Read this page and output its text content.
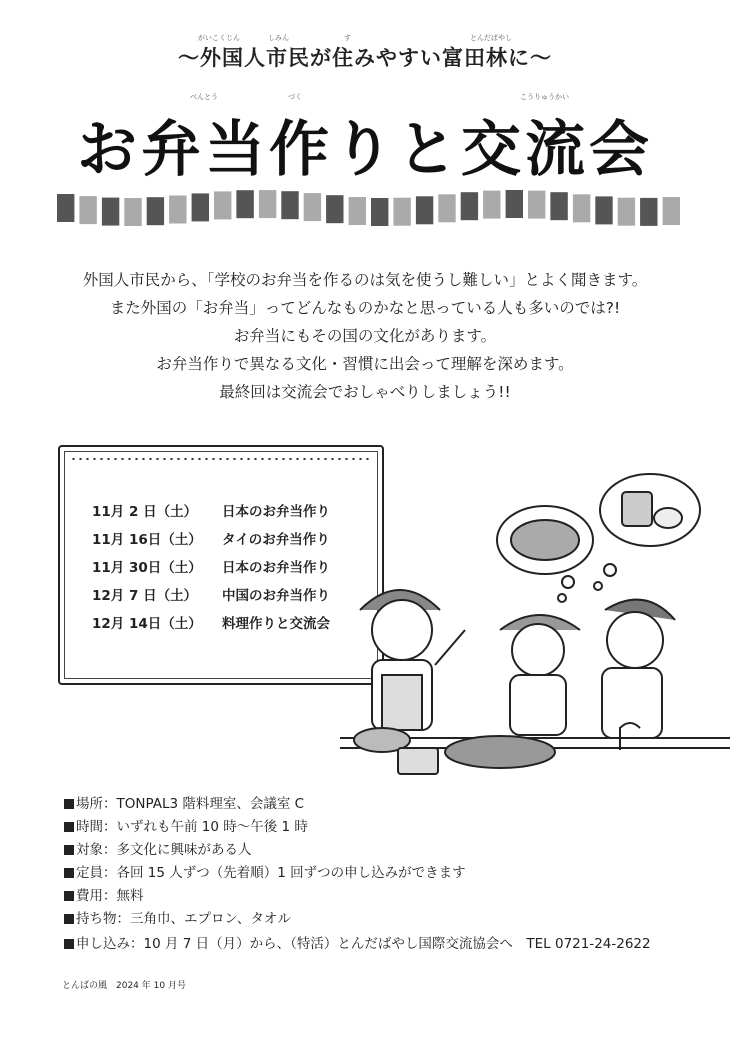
がいこくじん	しみん	す	とんだばやし
〜外国人市民が住みやすい富田林に〜
べんとう	づく	こうりゅうかい
お弁当作りと交流会
外国人市民から、「学校のお弁当を作るのは気を使うし難しい」とよく聞きます。
また外国の「お弁当」ってどんなものかなと思っている人も多いのでは?!
お弁当にもその国の文化があります。
お弁当作りで異なる文化・習慣に出会って理解を深めます。
最終回は交流会でおしゃべりしましょう!!
11月 2 日（土） 日本のお弁当作り
11月 16日（土） タイのお弁当作り
11月 30日（土） 日本のお弁当作り
12月 7 日（土） 中国のお弁当作り
12月 14日（土） 料理作りと交流会
場所：TONPAL3 階料理室、会議室 C
時間：いずれも午前 10 時〜午後 1 時
対象：多文化に興味がある人
定員：各回 15 人ずつ（先着順）1 回ずつの申し込みができます
費用：無料
持ち物：三角巾、エプロン、タオル
申し込み：10 月 7 日（月）から、（特活）とんだばやし国際交流協会へ　TEL 0721-24-2622
とんばの風　2024 年 10 月号
